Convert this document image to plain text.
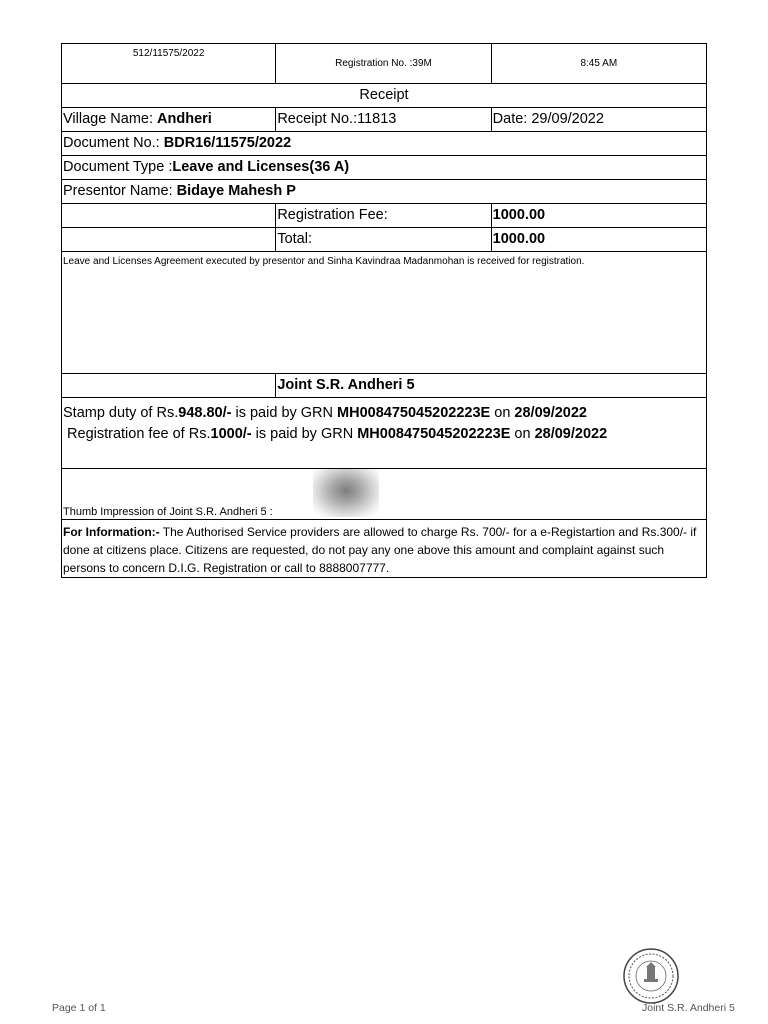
512/11575/2022	Registration No. :39M	8:45 AM
Receipt		
Village Name: Andheri	Receipt No.:11813	Date: 29/09/2022
Document No.: BDR16/11575/2022		
Document Type :Leave and Licenses(36 A)		
Presentor Name: Bidaye Mahesh P		
	Registration Fee:	1000.00
	Total:	1000.00
Leave and Licenses Agreement executed by presentor and Sinha Kavindraa Madanmohan is received for registration.		
	Joint S.R. Andheri 5	

Stamp duty of Rs.948.80/- is paid by GRN MH008475045202223E on 28/09/2022
Registration fee of Rs.1000/- is paid by GRN MH008475045202223E on 28/09/2022		

Thumb Impression of Joint S.R. Andheri 5 :		
For Information:- The Authorised Service providers are allowed to charge Rs. 700/- for a e-Registartion and Rs.300/- if done at citizens place. Citizens are requested, do not pay any one above this amount and complaint against such persons to concern D.I.G. Registration or call to 8888007777.		
Page 1 of 1	Joint S.R. Andheri 5
